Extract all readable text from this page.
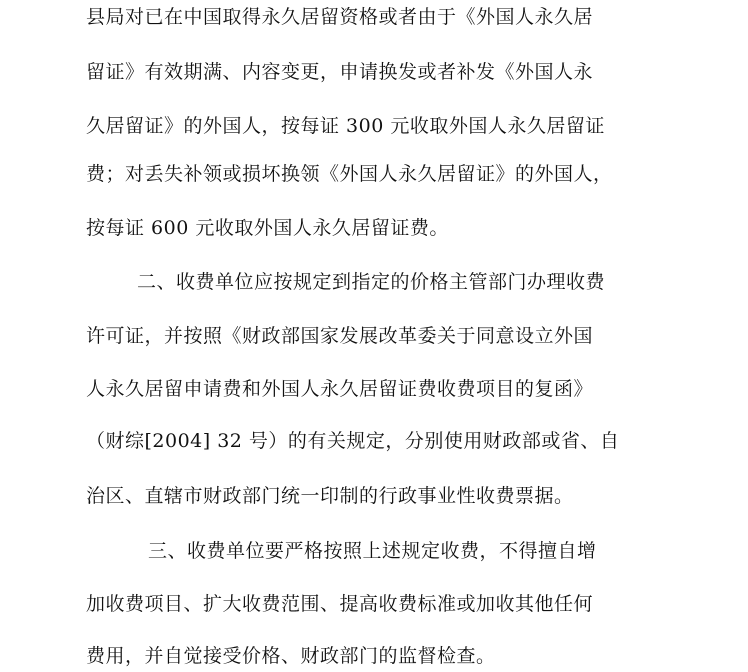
县局对已在中国取得永久居留资格或者由于《外国人永久居
留证》有效期满、内容变更，申请换发或者补发《外国人永
久居留证》的外国人，按每证 300 元收取外国人永久居留证
费；对丢失补领或损坏换领《外国人永久居留证》的外国人，
按每证 600 元收取外国人永久居留证费。
二、收费单位应按规定到指定的价格主管部门办理收费
许可证，并按照《财政部国家发展改革委关于同意设立外国
人永久居留申请费和外国人永久居留证费收费项目的复函》
（财综[2004] 32 号）的有关规定，分别使用财政部或省、自
治区、直辖市财政部门统一印制的行政事业性收费票据。
三、收费单位要严格按照上述规定收费，不得擅自增
加收费项目、扩大收费范围、提高收费标准或加收其他任何
费用，并自觉接受价格、财政部门的监督检查。
